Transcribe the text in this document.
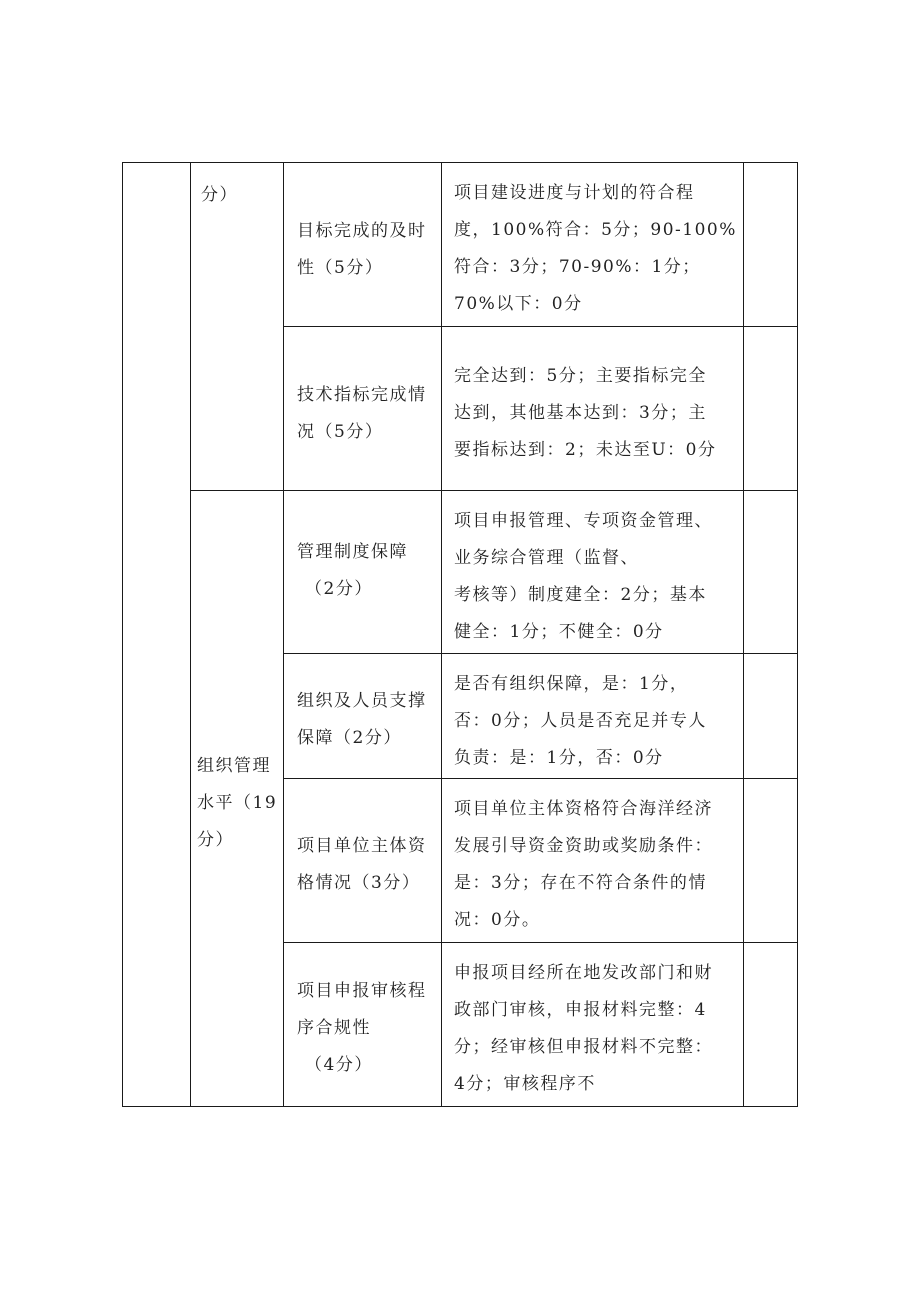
分）
目标完成的及时
性（5分）
项目建设进度与计划的符合程
度，100%符合：5分；90-100%
符合：3分；70-90%：1分；
70%以下：0分
技术指标完成情
况（5分）
完全达到：5分；主要指标完全
达到，其他基本达到：3分；主
要指标达到：2；未达至U：0分
组织管理
水平（19
分）
管理制度保障
（2分）
项目申报管理、专项资金管理、
业务综合管理（监督、
考核等）制度建全：2分；基本
健全：1分；不健全：0分
组织及人员支撑
保障（2分）
是否有组织保障，是：1分，
否：0分；人员是否充足并专人
负责：是：1分，否：0分
项目单位主体资
格情况（3分）
项目单位主体资格符合海洋经济
发展引导资金资助或奖励条件：
是：3分；存在不符合条件的情
况：0分。
项目申报审核程
序合规性
（4分）
申报项目经所在地发改部门和财
政部门审核，申报材料完整：4
分；经审核但申报材料不完整：
4分；审核程序不
